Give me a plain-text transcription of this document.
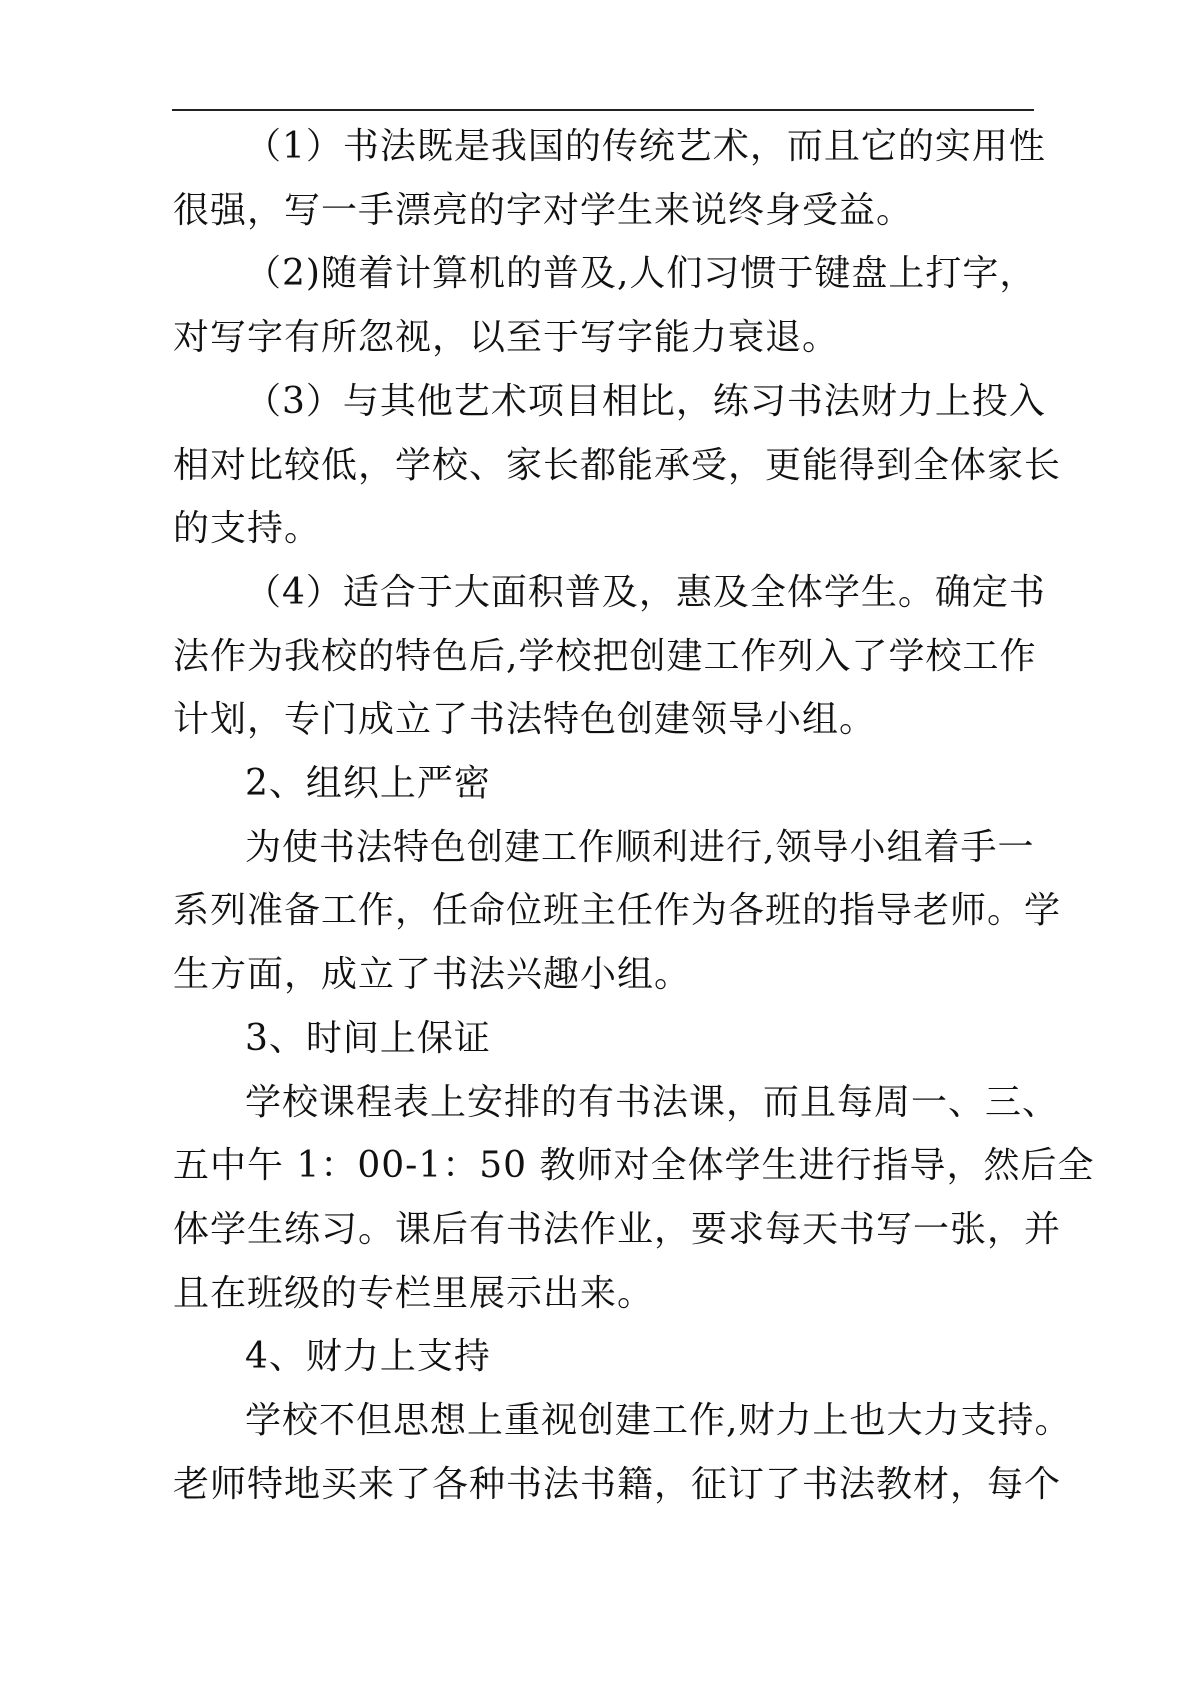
（1）书法既是我国的传统艺术，而且它的实用性

很强，写一手漂亮的字对学生来说终身受益。

（2)随着计算机的普及,人们习惯于键盘上打字，

对写字有所忽视，以至于写字能力衰退。

（3）与其他艺术项目相比，练习书法财力上投入

相对比较低，学校、家长都能承受，更能得到全体家长

的支持。

（4）适合于大面积普及，惠及全体学生。确定书

法作为我校的特色后,学校把创建工作列入了学校工作

计划，专门成立了书法特色创建领导小组。

2、组织上严密

为使书法特色创建工作顺利进行,领导小组着手一

系列准备工作，任命位班主任作为各班的指导老师。学

生方面，成立了书法兴趣小组。

3、时间上保证

学校课程表上安排的有书法课，而且每周一、三、

五中午 1：00-1：50 教师对全体学生进行指导，然后全

体学生练习。课后有书法作业，要求每天书写一张，并

且在班级的专栏里展示出来。

4、财力上支持

学校不但思想上重视创建工作,财力上也大力支持。

老师特地买来了各种书法书籍，征订了书法教材，每个
